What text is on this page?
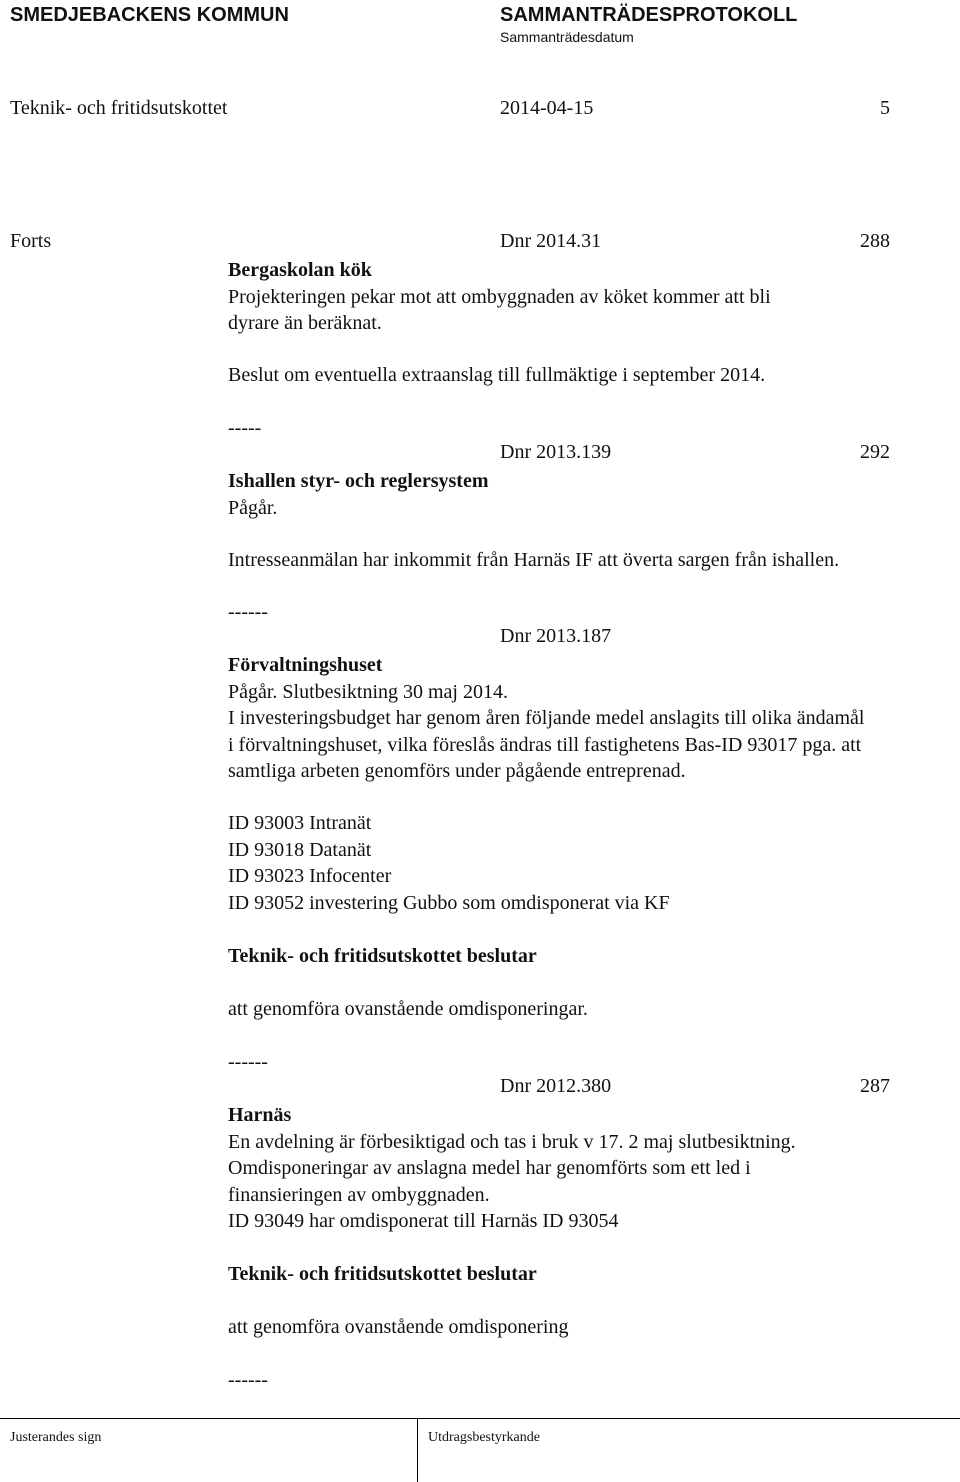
SMEDJEBACKENS KOMMUN	SAMMANTRÄDESPROTOKOLL
Sammanträdesdatum
Teknik- och fritidsutskottet	2014-04-15	5
Forts	Dnr 2014.31	288
Bergaskolan kök
Projekteringen pekar mot att ombyggnaden av köket kommer att bli
dyrare än beräknat.
Beslut om eventuella extraanslag till fullmäktige i september 2014.
-----
Dnr 2013.139	292
Ishallen styr- och reglersystem
Pågår.
Intresseanmälan har inkommit från Harnäs IF att överta sargen från ishallen.
------
Dnr 2013.187
Förvaltningshuset
Pågår. Slutbesiktning 30 maj 2014.
I investeringsbudget har genom åren följande medel anslagits till olika ändamål
i förvaltningshuset, vilka föreslås ändras till fastighetens Bas-ID 93017 pga. att
samtliga arbeten genomförs under pågående entreprenad.
ID 93003 Intranät
ID 93018 Datanät
ID 93023 Infocenter
ID 93052 investering Gubbo som omdisponerat via KF
Teknik- och fritidsutskottet beslutar
att genomföra ovanstående omdisponeringar.
------
Dnr 2012.380	287
Harnäs
En avdelning är förbesiktigad och tas i bruk v 17. 2 maj slutbesiktning.
Omdisponeringar av anslagna medel har genomförts som ett led i
finansieringen av ombyggnaden.
ID 93049 har omdisponerat till Harnäs ID 93054
Teknik- och fritidsutskottet beslutar
att genomföra ovanstående omdisponering
------
Justerandes sign	Utdragsbestyrkande
